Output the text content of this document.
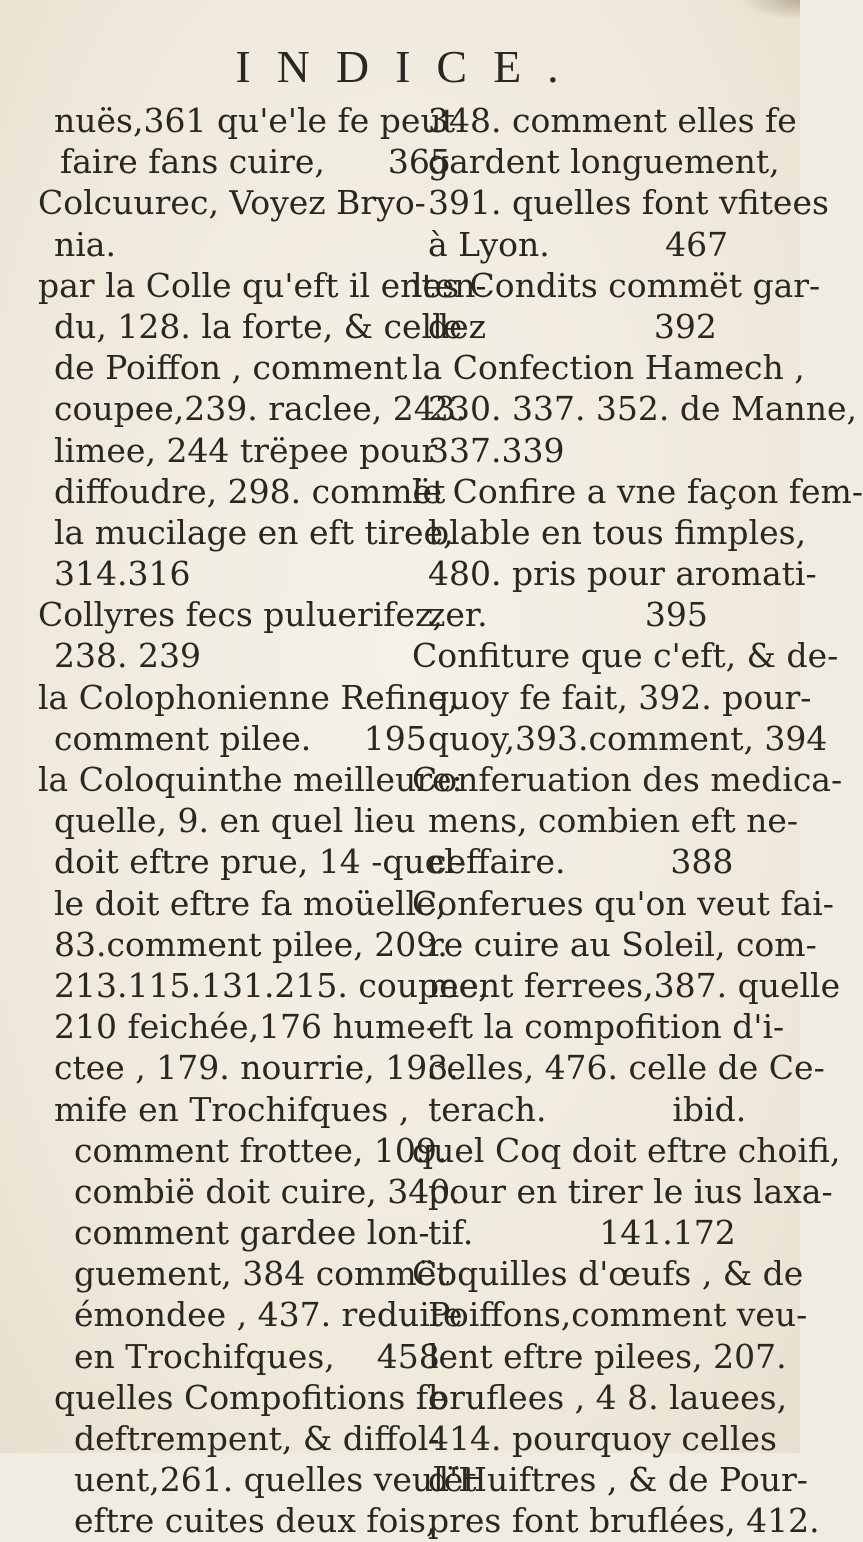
INDICE.
nuës,361 qu'e'le fe peut
faire fans cuire,      365
Colcuurec, Voyez Bryo-
nia.
par la Colle qu'eft il enten-
du, 128. la forte, & celle
de Poiffon , comment
coupee,239. raclee, 243.
limee, 244 trëpee pour
diffoudre, 298. commët
la mucilage en eft tiree,
314.316
Collyres fecs puluerifez,
238. 239
la Colophonienne Refine,
comment pilee.     195
la Coloquinthe meilleure:
quelle, 9. en quel lieu
doit eftre prue, 14 -quel-
le doit eftre fa moüelle,
83.comment pilee, 209.
213.115.131.215. coupee,
210 feichée,176 hume-
ctee , 179. nourrie, 193.
mife en Trochifques ,
comment frottee, 109.
combië doit cuire, 340.
comment gardee lon-
guement, 384 commët
émondee , 437. reduite
en Trochifques,    458
quelles Compofitions fe
deftrempent, & diffol-
uent,261. quelles veulët
eftre cuites deux fois,
348. comment elles fe
gardent longuement,
391. quelles font vfitees
à Lyon.           467
les Condits commët gar-
dez                392
la Confection Hamech ,
230. 337. 352. de Manne,
337.339
le Confire a vne façon fem-
blable en tous fimples,
480. pris pour aromati-
zer.               395
Confiture que c'eft, & de-
quoy fe fait, 392. pour-
quoy,393.comment, 394
Conferuation des medica-
mens, combien eft ne-
ceffaire.          388
Conferues qu'on veut fai-
re cuire au Soleil, com-
ment ferrees,387. quelle
eft la compofition d'i-
celles, 476. celle de Ce-
terach.            ibid.
quel Coq doit eftre choifi,
pour en tirer le ius laxa-
tif.            141.172
Coquilles d'œufs , & de
Poiffons,comment veu-
lent eftre pilees, 207.
bruflees , 4 8. lauees,
414. pourquoy celles
d'Huiftres , & de Pour-
pres font bruflées, 412.
